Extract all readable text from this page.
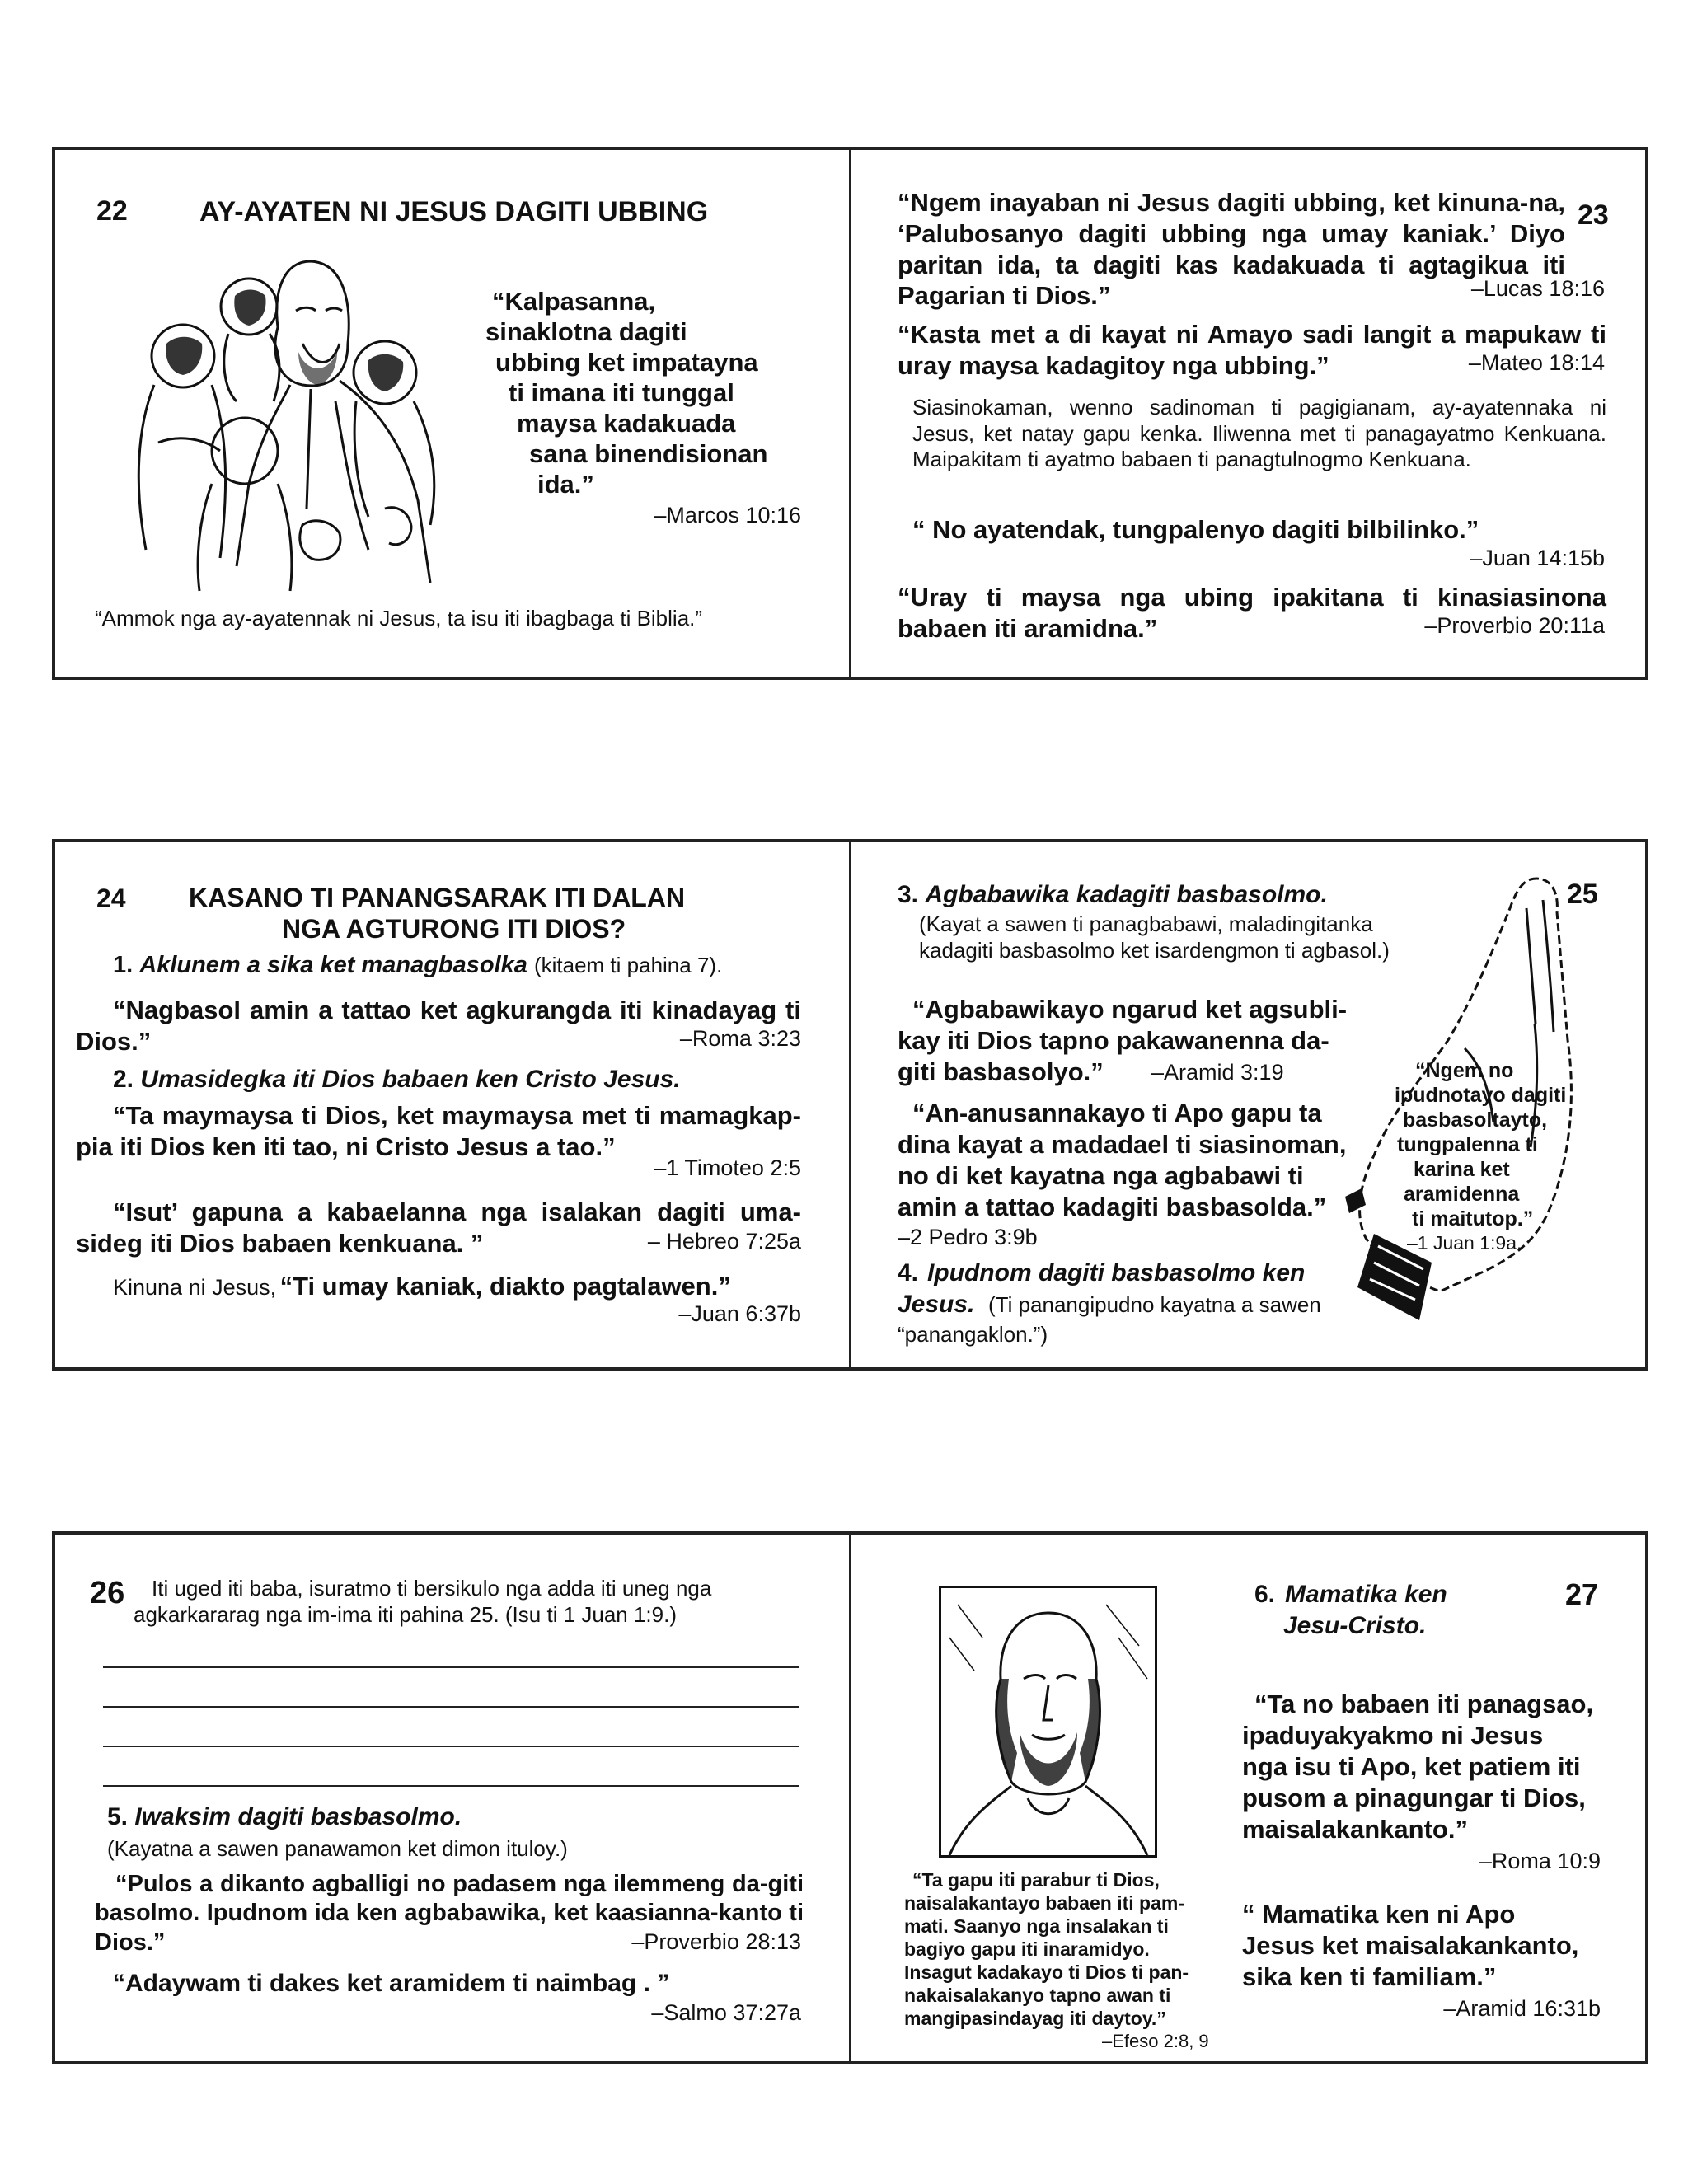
22	AY-AYATEN NI JESUS DAGITI UBBING
“Kalpasanna,
sinaklotna dagiti
ubbing ket impatayna
ti imana iti tunggal
maysa kadakuada
sana binendisionan
ida.”
–Marcos 10:16
“Ammok nga ay-ayatennak ni Jesus, ta isu iti ibagbaga ti Biblia.”
23

“Ngem inayaban ni Jesus dagiti ubbing, ket kinuna-na, ‘Palubosanyo dagiti ubbing nga umay kaniak.’ Diyo paritan ida, ta dagiti kas kadakuada ti agtagikua iti Pagarian ti Dios.”	–Lucas 18:16

“Kasta met a di kayat ni Amayo sadi langit a mapukaw ti uray maysa kadagitoy nga ubbing.”	–Mateo 18:14

Siasinokaman, wenno sadinoman ti pagigianam, ay-ayatennaka ni Jesus, ket natay gapu kenka. Iliwenna met ti panagayatmo Kenkuana. Maipakitam ti ayatmo babaen ti panagtulnogmo Kenkuana.

“ No ayatendak, tungpalenyo dagiti bilbilinko.”

–Juan 14:15b

“Uray ti maysa nga ubing ipakitana ti kinasiasinona babaen iti aramidna.”	–Proverbio 20:11a
24 KASANO TI PANANGSARAK ITI DALAN
NGA AGTURONG ITI DIOS?
1. Aklunem a sika ket managbasolka (kitaem ti pahina 7).

“Nagbasol amin a tattao ket agkurangda iti kinadayag ti Dios.”	–Roma 3:23
2. Umasidegka iti Dios babaen ken Cristo Jesus.

“Ta maymaysa ti Dios, ket maymaysa met ti mamagkap-pia iti Dios ken iti tao, ni Cristo Jesus a tao.”

–1 Timoteo 2:5

“Isut’ gapuna a kabaelanna nga isalakan dagiti uma-sideg iti Dios babaen kenkuana. ”	– Hebreo 7:25a
Kinuna ni Jesus, “Ti umay kaniak, diakto pagtalawen.”
–Juan 6:37b
25
3. Agbabawika kadagiti basbasolmo.

(Kayat a sawen ti panagbabawi, maladingitanka kadagiti basbasolmo ket isardengmon ti agbasol.)

“Agbabawikayo ngarud ket agsubli-
kay iti Dios tapno pakawanenna da-
giti basbasolyo.” –Aramid 3:19
“An-anusannakayo ti Apo gapu ta
dina kayat a madadael ti siasinoman,
no di ket kayatna nga agbabawi ti
amin a tattao kadagiti basbasolda.”
–2 Pedro 3:9b
4. Ipudnom dagiti basbasolmo ken
Jesus. (Ti panangipudno kayatna a sawen
“panangaklon.”)
“Ngem no
ipudnotayo dagiti
basbasoltayto,
tungpalenna ti
karina ket
aramidenna
ti maitutop.”
–1 Juan 1:9a.
26	Iti uged iti baba, isuratmo ti bersikulo nga adda iti uneg nga agkarkararag nga im-ima iti pahina 25. (Isu ti 1 Juan 1:9.)

5. Iwaksim dagiti basbasolmo.

(Kayatna a sawen panawamon ket dimon ituloy.)

“Pulos a dikanto agballigi no padasem nga ilemmeng da-giti basolmo. Ipudnom ida ken agbabawika, ket kaasianna-kanto ti Dios.”	–Proverbio 28:13

“Adaywam ti dakes ket aramidem ti naimbag . ”

–Salmo 37:27a
“Ta gapu iti parabur ti Dios,
naisalakantayo babaen iti pam-
mati. Saanyo nga insalakan ti
bagiyo gapu iti inaramidyo.
Insagut kadakayo ti Dios ti pan-
nakaisalakanyo tapno awan ti
mangipasindayag iti daytoy.”
–Efeso 2:8, 9
27
6. Mamatika ken
Jesu-Cristo.
“Ta no babaen iti panagsao,
ipaduyakyakmo ni Jesus
nga isu ti Apo, ket patiem iti
pusom a pinagungar ti Dios,
maisalakankanto.”
–Roma 10:9
“ Mamatika ken ni Apo
Jesus ket maisalakankanto,
sika ken ti familiam.”
–Aramid 16:31b
